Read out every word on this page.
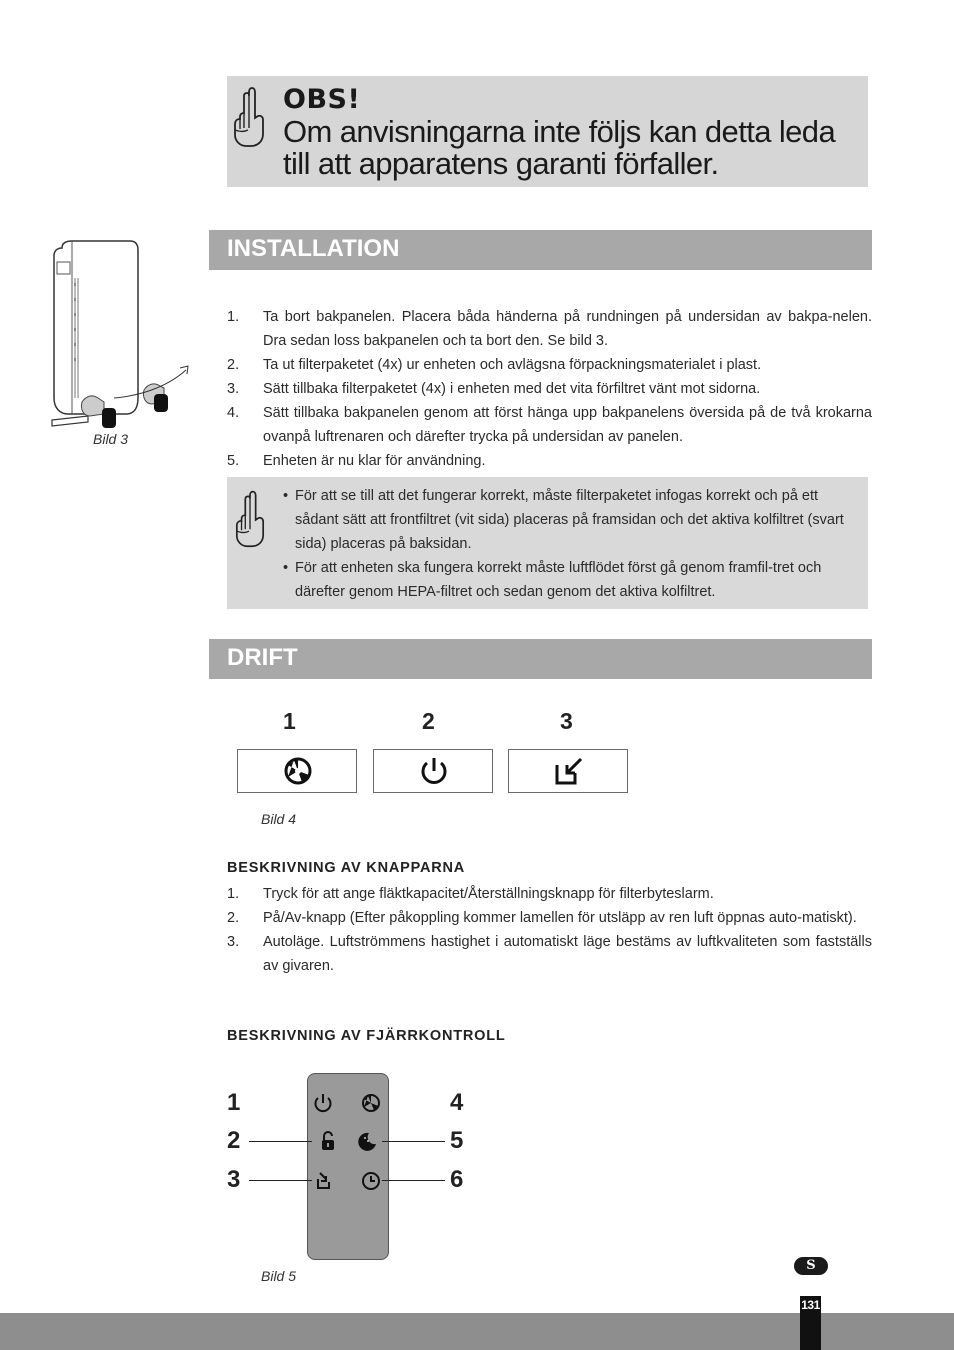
OBS!
Om anvisningarna inte följs kan detta leda till att apparatens garanti förfaller.
Bild 3
INSTALLATION
1. Ta bort bakpanelen. Placera båda händerna på rundningen på undersidan av bakpa-nelen. Dra sedan loss bakpanelen och ta bort den. Se bild 3.
2. Ta ut filterpaketet (4x) ur enheten och avlägsna förpackningsmaterialet i plast.
3. Sätt tillbaka filterpaketet (4x) i enheten med det vita förfiltret vänt mot sidorna.
4. Sätt tillbaka bakpanelen genom att först hänga upp bakpanelens översida på de två krokarna ovanpå luftrenaren och därefter trycka på undersidan av panelen.
5. Enheten är nu klar för användning.
• För att se till att det fungerar korrekt, måste filterpaketet infogas korrekt och på ett sådant sätt att frontfiltret (vit sida) placeras på framsidan och det aktiva kolfiltret (svart sida) placeras på baksidan.
• För att enheten ska fungera korrekt måste luftflödet först gå genom framfil-tret och därefter genom HEPA-filtret och sedan genom det aktiva kolfiltret.
DRIFT
1	2	3
Bild 4
BESKRIVNING AV KNAPPARNA
1. Tryck för att ange fläktkapacitet/Återställningsknapp för filterbyteslarm.
2. På/Av-knapp (Efter påkoppling kommer lamellen för utsläpp av ren luft öppnas auto-matiskt).
3. Autoläge. Luftströmmens hastighet i automatiskt läge bestäms av luftkvaliteten som fastställs av givaren.
BESKRIVNING AV FJÄRRKONTROLL
1
2
3
4
5
6
Bild 5
S
131
